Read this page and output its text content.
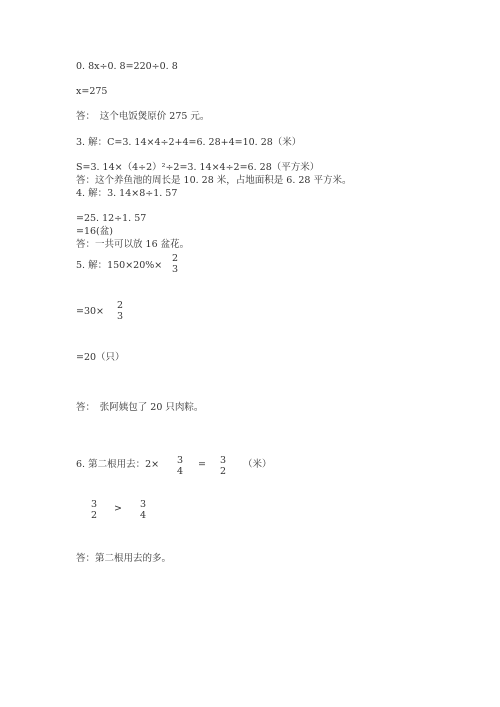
0. 8x÷0. 8=220÷0. 8
x=275
答：　这个电饭煲原价 275 元。
3. 解：C=3. 14×4÷2+4=6. 28+4=10. 28（米）
S=3. 14×（4÷2）²÷2=3. 14×4÷2=6. 28（平方米）
答：这个养鱼池的周长是 10. 28 米，占地面积是 6. 28 平方米。
4. 解：3. 14×8÷1. 57
=25. 12÷1. 57
=16(盆)
答：一共可以放 16 盆花。
5. 解：150×20%×
2
3
=30×
2
3
=20（只）
答：　张阿姨包了 20 只肉粽。
6. 第二根用去：2×	3
4
=	3
2
（米）
3
2
>	3
4
答：第二根用去的多。
